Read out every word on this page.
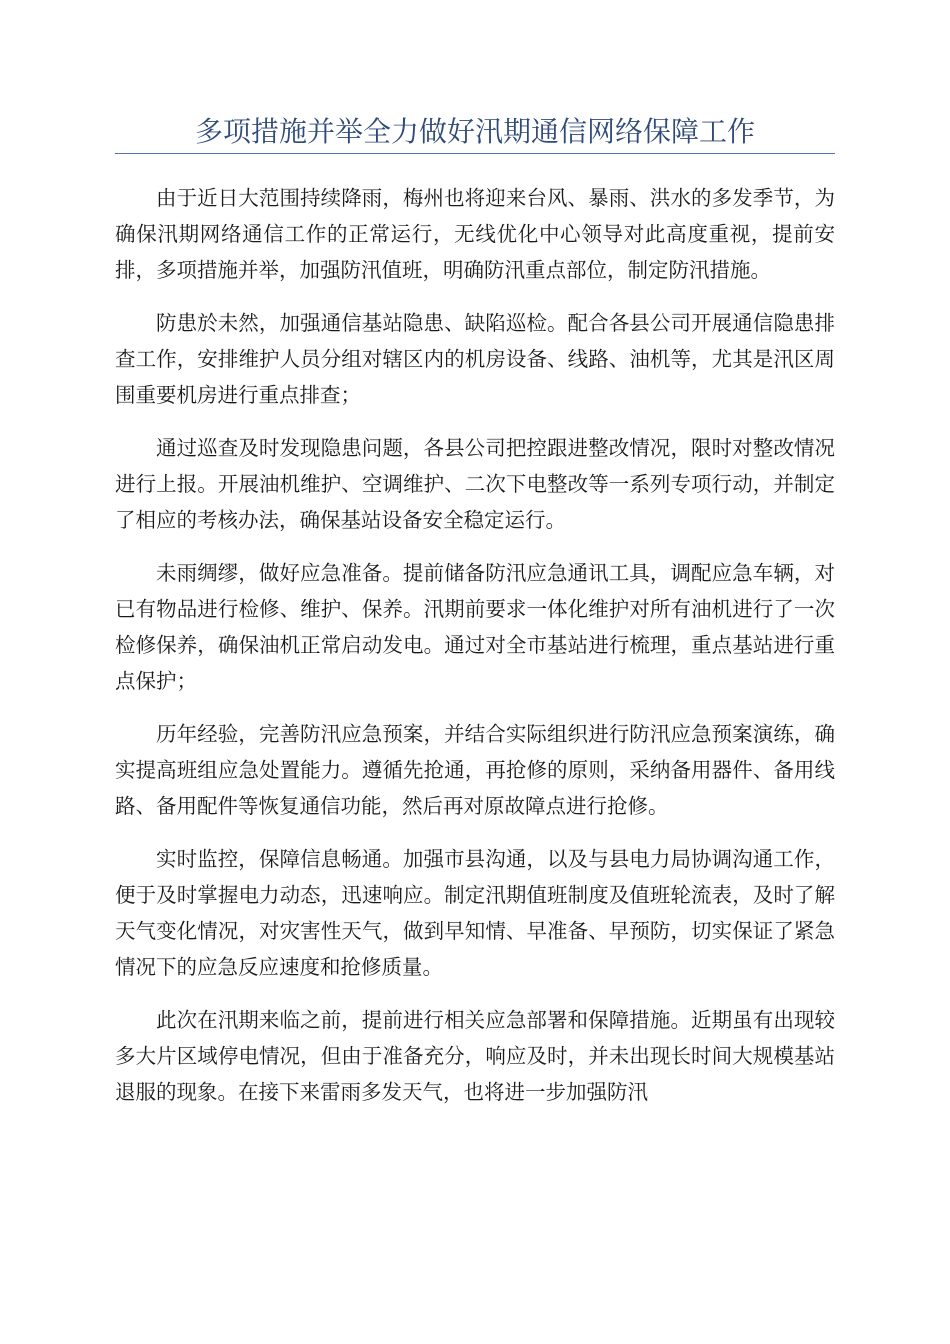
多项措施并举全力做好汛期通信网络保障工作

由于近日大范围持续降雨，梅州也将迎来台风、暴雨、洪水的多发季节，为确保汛期网络通信工作的正常运行，无线优化中心领导对此高度重视，提前安排，多项措施并举，加强防汛值班，明确防汛重点部位，制定防汛措施。

防患於未然，加强通信基站隐患、缺陷巡检。配合各县公司开展通信隐患排查工作，安排维护人员分组对辖区内的机房设备、线路、油机等，尤其是汛区周围重要机房进行重点排查；

通过巡查及时发现隐患问题，各县公司把控跟进整改情况，限时对整改情况进行上报。开展油机维护、空调维护、二次下电整改等一系列专项行动，并制定了相应的考核办法，确保基站设备安全稳定运行。

未雨绸缪，做好应急准备。提前储备防汛应急通讯工具，调配应急车辆，对已有物品进行检修、维护、保养。汛期前要求一体化维护对所有油机进行了一次检修保养，确保油机正常启动发电。通过对全市基站进行梳理，重点基站进行重点保护；

历年经验，完善防汛应急预案，并结合实际组织进行防汛应急预案演练，确实提高班组应急处置能力。遵循先抢通，再抢修的原则，采纳备用器件、备用线路、备用配件等恢复通信功能，然后再对原故障点进行抢修。

实时监控，保障信息畅通。加强市县沟通，以及与县电力局协调沟通工作，便于及时掌握电力动态，迅速响应。制定汛期值班制度及值班轮流表，及时了解天气变化情况，对灾害性天气，做到早知情、早准备、早预防，切实保证了紧急情况下的应急反应速度和抢修质量。

此次在汛期来临之前，提前进行相关应急部署和保障措施。近期虽有出现较多大片区域停电情况，但由于准备充分，响应及时，并未出现长时间大规模基站退服的现象。在接下来雷雨多发天气，也将进一步加强防汛
